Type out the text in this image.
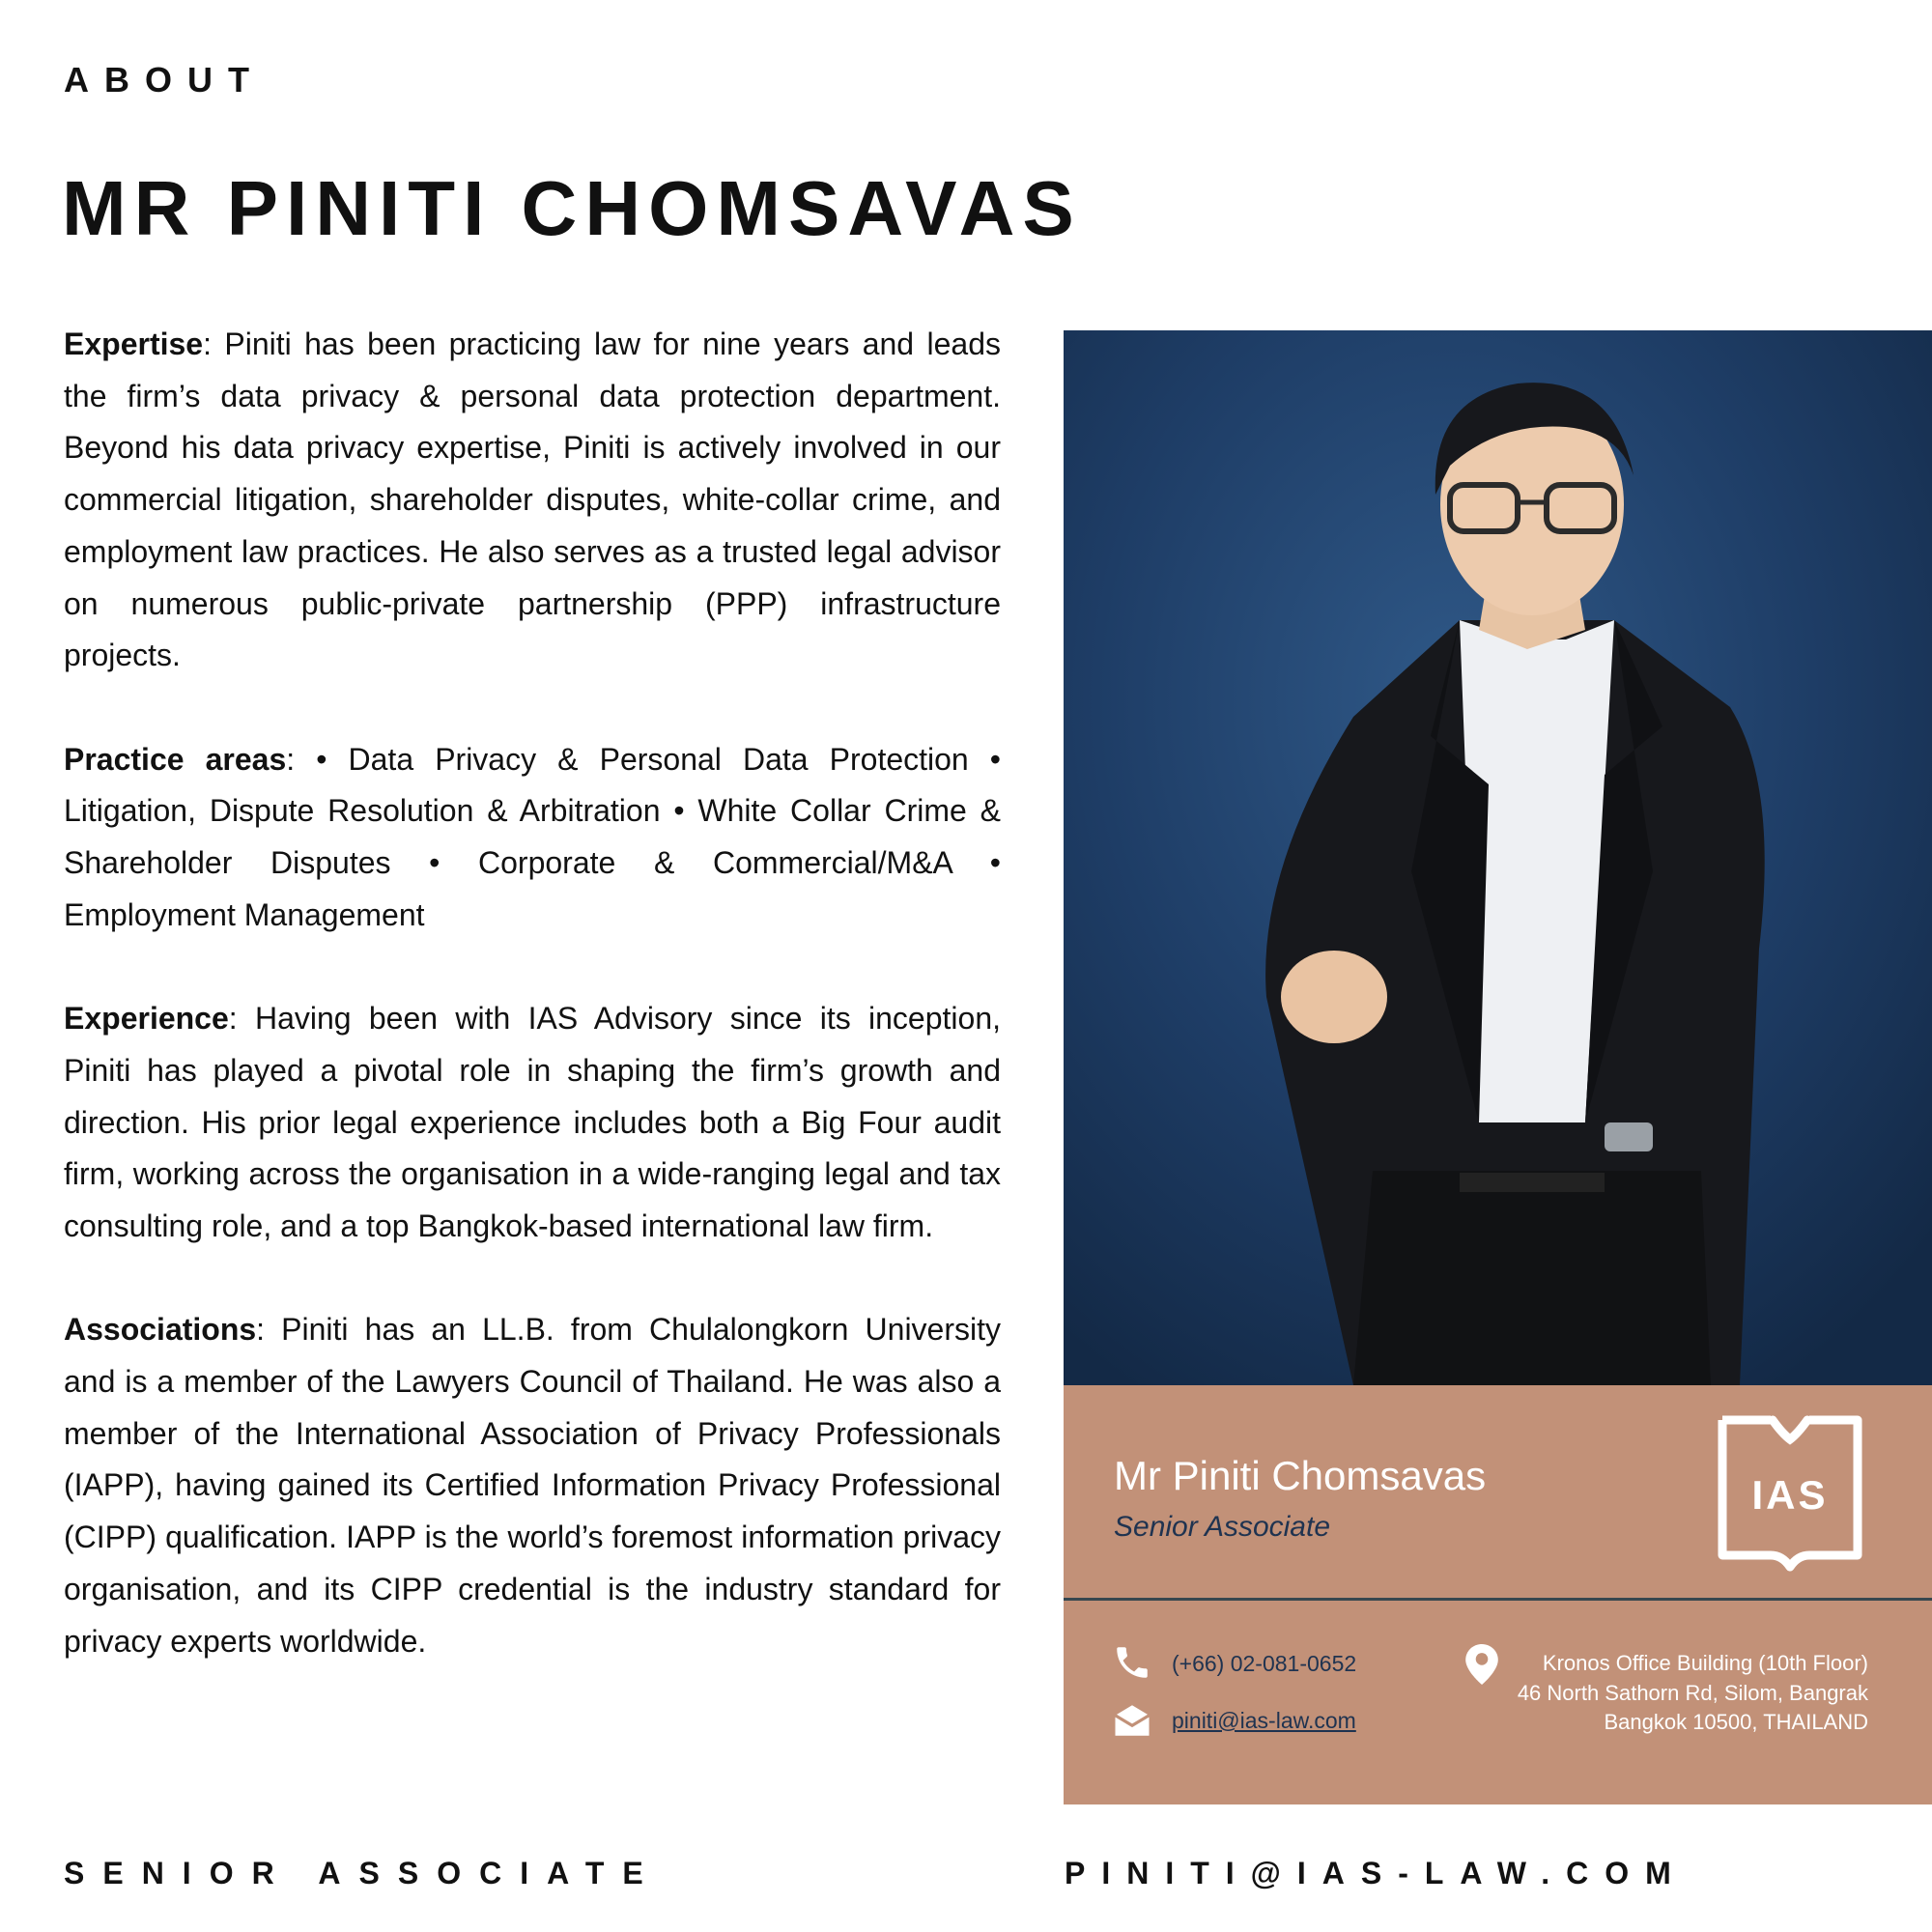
ABOUT
MR PINITI CHOMSAVAS

Expertise: Piniti has been practicing law for nine years and leads the firm’s data privacy & personal data protection department. Beyond his data privacy expertise, Piniti is actively involved in our commercial litigation, shareholder disputes, white-collar crime, and employment law practices. He also serves as a trusted legal advisor on numerous public-private partnership (PPP) infrastructure projects.

Practice areas: • Data Privacy & Personal Data Protection • Litigation, Dispute Resolution & Arbitration • White Collar Crime & Shareholder Disputes • Corporate & Commercial/M&A • Employment Management

Experience: Having been with IAS Advisory since its inception, Piniti has played a pivotal role in shaping the firm’s growth and direction. His prior legal experience includes both a Big Four audit firm, working across the organisation in a wide-ranging legal and tax consulting role, and a top Bangkok-based international law firm.

Associations: Piniti has an LL.B. from Chulalongkorn University and is a member of the Lawyers Council of Thailand. He was also a member of the International Association of Privacy Professionals (IAPP), having gained its Certified Information Privacy Professional (CIPP) qualification. IAPP is the world’s foremost information privacy organisation, and its CIPP credential is the industry standard for privacy experts worldwide.

Mr Piniti Chomsavas
Senior Associate
IAS
(+66) 02-081-0652
piniti@ias-law.com
Kronos Office Building (10th Floor)
46 North Sathorn Rd, Silom, Bangrak
Bangkok 10500, THAILAND
SENIOR ASSOCIATE	PINITI@IAS-LAW.COM
